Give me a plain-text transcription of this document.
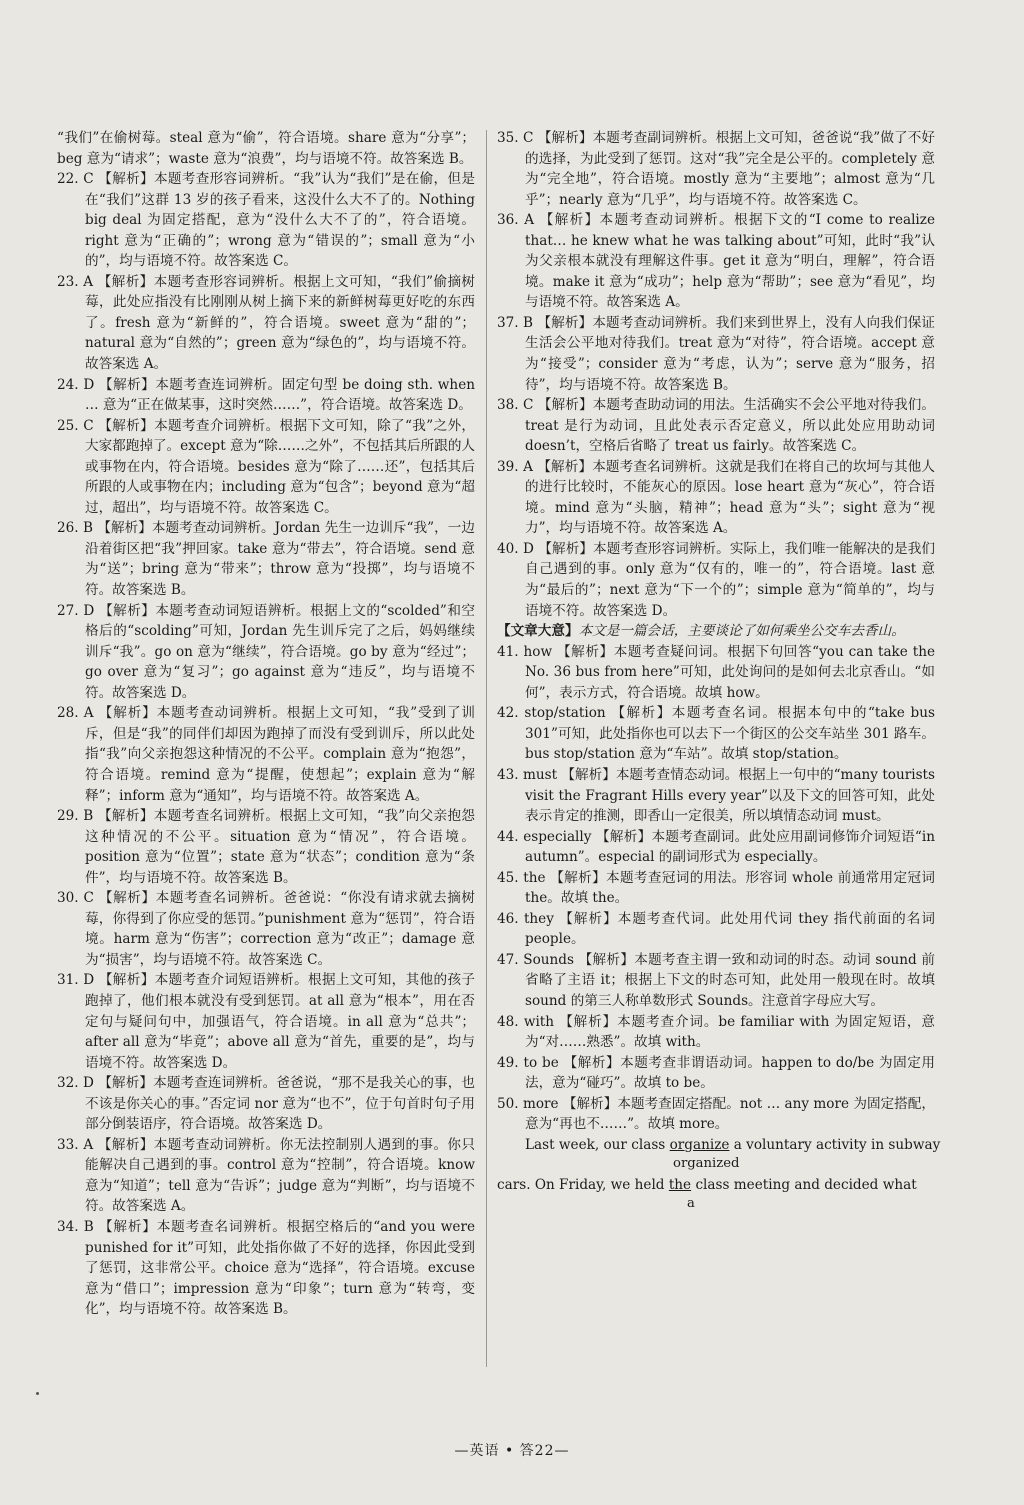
“我们”在偷树莓。steal 意为“偷”，符合语境。share 意为“分享”；beg 意为“请求”；waste 意为“浪费”，均与语境不符。故答案选 B。

22. C 【解析】本题考查形容词辨析。“我”认为“我们”是在偷，但是在“我们”这群 13 岁的孩子看来，这没什么大不了的。Nothing big deal 为固定搭配，意为“没什么大不了的”，符合语境。right 意为“正确的”；wrong 意为“错误的”；small 意为“小的”，均与语境不符。故答案选 C。

23. A 【解析】本题考查形容词辨析。根据上文可知，“我们”偷摘树莓，此处应指没有比刚刚从树上摘下来的新鲜树莓更好吃的东西了。fresh 意为“新鲜的”，符合语境。sweet 意为“甜的”；natural 意为“自然的”；green 意为“绿色的”，均与语境不符。故答案选 A。

24. D 【解析】本题考查连词辨析。固定句型 be doing sth. when … 意为“正在做某事，这时突然……”，符合语境。故答案选 D。

25. C 【解析】本题考查介词辨析。根据下文可知，除了“我”之外，大家都跑掉了。except 意为“除……之外”，不包括其后所跟的人或事物在内，符合语境。besides 意为“除了……还”，包括其后所跟的人或事物在内；including 意为“包含”；beyond 意为“超过，超出”，均与语境不符。故答案选 C。

26. B 【解析】本题考查动词辨析。Jordan 先生一边训斥“我”，一边沿着街区把“我”押回家。take 意为“带去”，符合语境。send 意为“送”；bring 意为“带来”；throw 意为“投掷”，均与语境不符。故答案选 B。

27. D 【解析】本题考查动词短语辨析。根据上文的“scolded”和空格后的“scolding”可知，Jordan 先生训斥完了之后，妈妈继续训斥“我”。go on 意为“继续”，符合语境。go by 意为“经过”；go over 意为“复习”；go against 意为“违反”，均与语境不符。故答案选 D。

28. A 【解析】本题考查动词辨析。根据上文可知，“我”受到了训斥，但是“我”的同伴们却因为跑掉了而没有受到训斥，所以此处指“我”向父亲抱怨这种情况的不公平。complain 意为“抱怨”，符合语境。remind 意为“提醒，使想起”；explain 意为“解释”；inform 意为“通知”，均与语境不符。故答案选 A。

29. B 【解析】本题考查名词辨析。根据上文可知，“我”向父亲抱怨这种情况的不公平。situation 意为“情况”，符合语境。position 意为“位置”；state 意为“状态”；condition 意为“条件”，均与语境不符。故答案选 B。

30. C 【解析】本题考查名词辨析。爸爸说：“你没有请求就去摘树莓，你得到了你应受的惩罚。”punishment 意为“惩罚”，符合语境。harm 意为“伤害”；correction 意为“改正”；damage 意为“损害”，均与语境不符。故答案选 C。

31. D 【解析】本题考查介词短语辨析。根据上文可知，其他的孩子跑掉了，他们根本就没有受到惩罚。at all 意为“根本”，用在否定句与疑问句中，加强语气，符合语境。in all 意为“总共”；after all 意为“毕竟”；above all 意为“首先，重要的是”，均与语境不符。故答案选 D。

32. D 【解析】本题考查连词辨析。爸爸说，“那不是我关心的事，也不该是你关心的事。”否定词 nor 意为“也不”，位于句首时句子用部分倒装语序，符合语境。故答案选 D。

33. A 【解析】本题考查动词辨析。你无法控制别人遇到的事。你只能解决自己遇到的事。control 意为“控制”，符合语境。know 意为“知道”；tell 意为“告诉”；judge 意为“判断”，均与语境不符。故答案选 A。

34. B 【解析】本题考查名词辨析。根据空格后的“and you were punished for it”可知，此处指你做了不好的选择，你因此受到了惩罚，这非常公平。choice 意为“选择”，符合语境。excuse 意为“借口”；impression 意为“印象”；turn 意为“转弯，变化”，均与语境不符。故答案选 B。

35. C 【解析】本题考查副词辨析。根据上文可知，爸爸说“我”做了不好的选择，为此受到了惩罚。这对“我”完全是公平的。completely 意为“完全地”，符合语境。mostly 意为“主要地”；almost 意为“几乎”；nearly 意为“几乎”，均与语境不符。故答案选 C。

36. A 【解析】本题考查动词辨析。根据下文的“I come to realize that… he knew what he was talking about”可知，此时“我”认为父亲根本就没有理解这件事。get it 意为“明白，理解”，符合语境。make it 意为“成功”；help 意为“帮助”；see 意为“看见”，均与语境不符。故答案选 A。

37. B 【解析】本题考查动词辨析。我们来到世界上，没有人向我们保证生活会公平地对待我们。treat 意为“对待”，符合语境。accept 意为“接受”；consider 意为“考虑，认为”；serve 意为“服务，招待”，均与语境不符。故答案选 B。

38. C 【解析】本题考查助动词的用法。生活确实不会公平地对待我们。treat 是行为动词，且此处表示否定意义，所以此处应用助动词 doesn’t，空格后省略了 treat us fairly。故答案选 C。

39. A 【解析】本题考查名词辨析。这就是我们在将自己的坎坷与其他人的进行比较时，不能灰心的原因。lose heart 意为“灰心”，符合语境。mind 意为“头脑，精神”；head 意为“头”；sight 意为“视力”，均与语境不符。故答案选 A。

40. D 【解析】本题考查形容词辨析。实际上，我们唯一能解决的是我们自己遇到的事。only 意为“仅有的，唯一的”，符合语境。last 意为“最后的”；next 意为“下一个的”；simple 意为“简单的”，均与语境不符。故答案选 D。

【文章大意】本文是一篇会话，主要谈论了如何乘坐公交车去香山。

41. how 【解析】本题考查疑问词。根据下句回答“you can take the No. 36 bus from here”可知，此处询问的是如何去北京香山。“如何”，表示方式，符合语境。故填 how。

42. stop/station 【解析】本题考查名词。根据本句中的“take bus 301”可知，此处指你也可以去下一个街区的公交车站坐 301 路车。bus stop/station 意为“车站”。故填 stop/station。

43. must 【解析】本题考查情态动词。根据上一句中的“many tourists visit the Fragrant Hills every year”以及下文的回答可知，此处表示肯定的推测，即香山一定很美，所以填情态动词 must。

44. especially 【解析】本题考查副词。此处应用副词修饰介词短语“in autumn”。especial 的副词形式为 especially。

45. the 【解析】本题考查冠词的用法。形容词 whole 前通常用定冠词 the。故填 the。

46. they 【解析】本题考查代词。此处用代词 they 指代前面的名词 people。

47. Sounds 【解析】本题考查主谓一致和动词的时态。动词 sound 前省略了主语 it；根据上下文的时态可知，此处用一般现在时。故填 sound 的第三人称单数形式 Sounds。注意首字母应大写。

48. with 【解析】本题考查介词。be familiar with 为固定短语，意为“对……熟悉”。故填 with。

49. to be 【解析】本题考查非谓语动词。happen to do/be 为固定用法，意为“碰巧”。故填 to be。

50. more 【解析】本题考查固定搭配。not … any more 为固定搭配，意为“再也不……”。故填 more。

Last week, our class organize a voluntary activity in subway
organized
cars. On Friday, we held the class meeting and decided what
a
—英语 • 答22—
